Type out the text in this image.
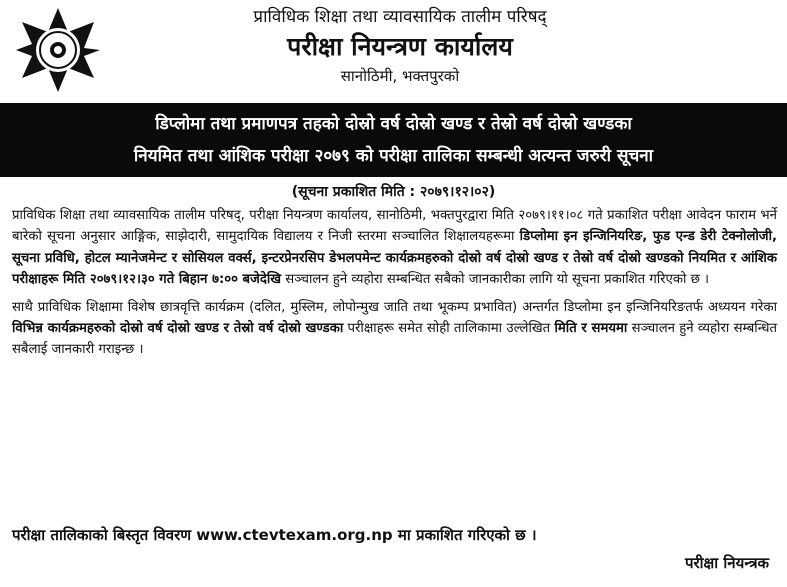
प्राविधिक शिक्षा तथा व्यावसायिक तालीम परिषद्
परीक्षा नियन्त्रण कार्यालय
सानोठिमी, भक्तपुरको
डिप्लोमा तथा प्रमाणपत्र तहको दोस्रो वर्ष दोस्रो खण्ड र तेस्रो वर्ष दोस्रो खण्डका
नियमित तथा आंशिक परीक्षा २०७९ को परीक्षा तालिका सम्बन्धी अत्यन्त जरुरी सूचना
(सूचना प्रकाशित मिति : २०७९।१२।०२)

प्राविधिक शिक्षा तथा व्यावसायिक तालीम परिषद्, परीक्षा नियन्त्रण कार्यालय, सानोठिमी, भक्तपुरद्वारा मिति २०७९।११।०८ गते प्रकाशित परीक्षा आवेदन फाराम भर्ने बारेको सूचना अनुसार आङ्गिक, साझेदारी, सामुदायिक विद्यालय र निजी स्तरमा सञ्चालित शिक्षालयहरूमा डिप्लोमा इन इन्जिनियरिङ, फुड एन्ड डेरी टेक्नोलोजी, सूचना प्रविधि, होटल म्यानेजमेन्ट र सोसियल वर्क्स, इन्टरप्रेनरसिप डेभलपमेन्ट कार्यक्रमहरुको दोस्रो वर्ष दोस्रो खण्ड र तेस्रो वर्ष दोस्रो खण्डको नियमित र आंशिक परीक्षाहरू मिति २०७९।१२।३० गते बिहान ७:०० बजेदेखि सञ्चालन हुने व्यहोरा सम्बन्धित सबैको जानकारीका लागि यो सूचना प्रकाशित गरिएको छ ।

साथै प्राविधिक शिक्षामा विशेष छात्रवृत्ति कार्यक्रम (दलित, मुस्लिम, लोपोन्मुख जाति तथा भूकम्प प्रभावित) अन्तर्गत डिप्लोमा इन इन्जिनियरिङतर्फ अध्ययन गरेका विभिन्न कार्यक्रमहरुको दोस्रो वर्ष दोस्रो खण्ड र तेस्रो वर्ष दोस्रो खण्डका परीक्षाहरू समेत सोही तालिकामा उल्लेखित मिति र समयमा सञ्चालन हुने व्यहोरा सम्बन्धित सबैलाई जानकारी गराइन्छ ।

परीक्षा तालिकाको बिस्तृत विवरण www.ctevtexam.org.np मा प्रकाशित गरिएको छ ।
परीक्षा नियन्त्रक
